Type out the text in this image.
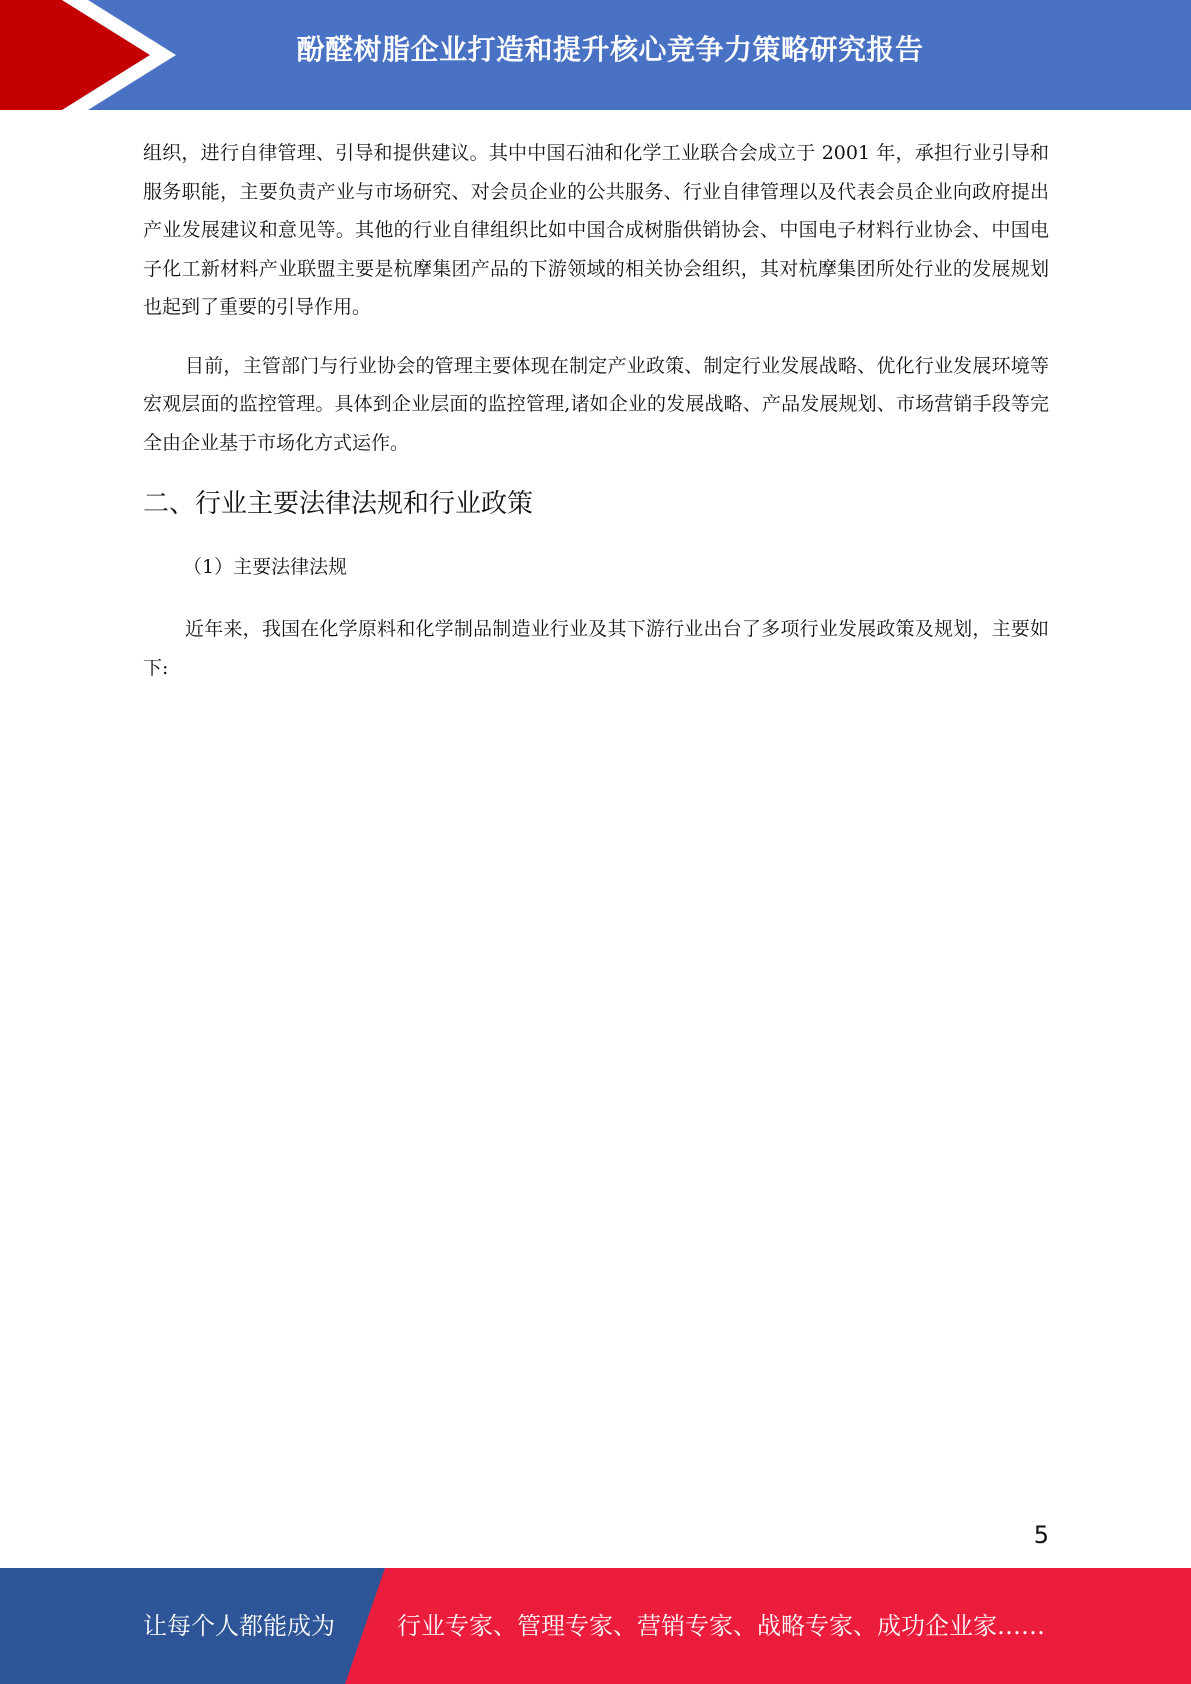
酚醛树脂企业打造和提升核心竞争力策略研究报告

组织，进行自律管理、引导和提供建议。其中中国石油和化学工业联合会成立于 2001 年，承担行业引导和服务职能，主要负责产业与市场研究、对会员企业的公共服务、行业自律管理以及代表会员企业向政府提出产业发展建议和意见等。其他的行业自律组织比如中国合成树脂供销协会、中国电子材料行业协会、中国电子化工新材料产业联盟主要是杭摩集团产品的下游领域的相关协会组织，其对杭摩集团所处行业的发展规划也起到了重要的引导作用。

目前，主管部门与行业协会的管理主要体现在制定产业政策、制定行业发展战略、优化行业发展环境等宏观层面的监控管理。具体到企业层面的监控管理,诸如企业的发展战略、产品发展规划、市场营销手段等完全由企业基于市场化方式运作。

二、行业主要法律法规和行业政策

（1）主要法律法规

近年来，我国在化学原料和化学制品制造业行业及其下游行业出台了多项行业发展政策及规划，主要如下:

5
让每个人都能成为	行业专家、管理专家、营销专家、战略专家、成功企业家……
